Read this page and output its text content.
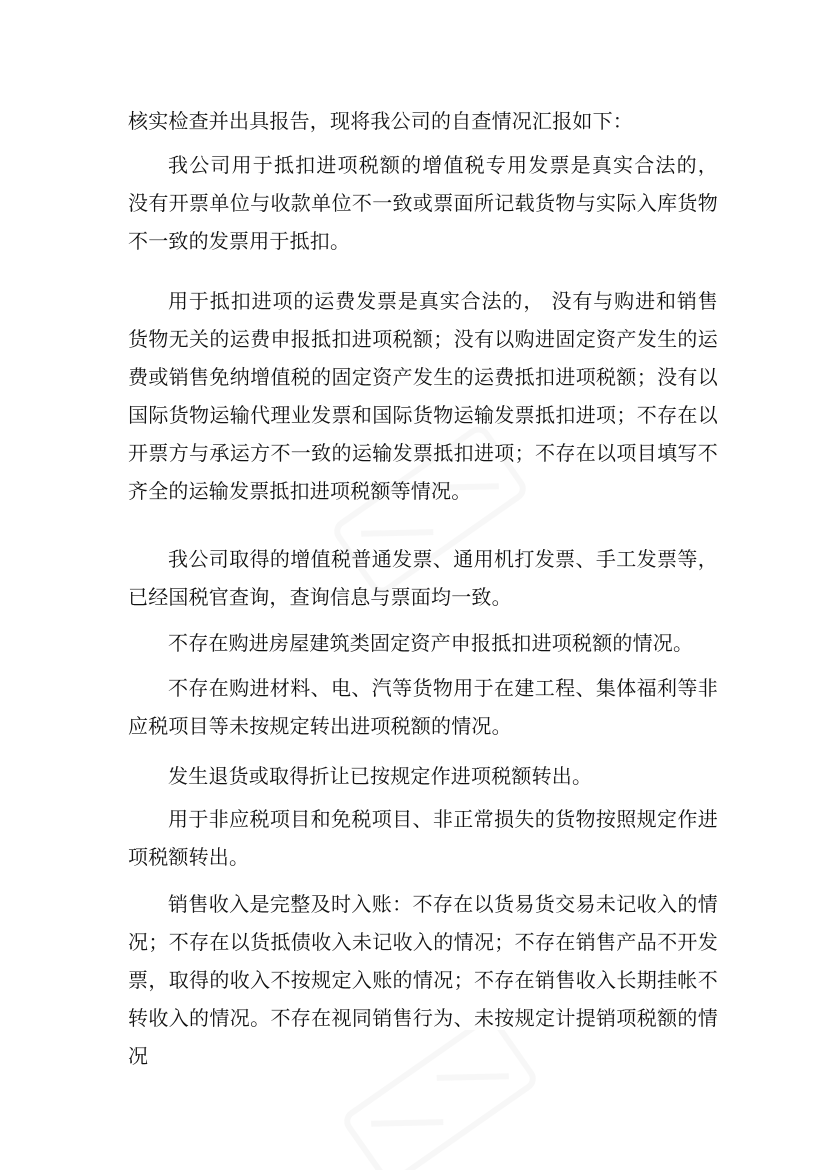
核实检查并出具报告，现将我公司的自查情况汇报如下：

我公司用于抵扣进项税额的增值税专用发票是真实合法的， 没有开票单位与收款单位不一致或票面所记载货物与实际入库货物不一致的发票用于抵扣。

用于抵扣进项的运费发票是真实合法的， 没有与购进和销售货物无关的运费申报抵扣进项税额；没有以购进固定资产发生的运费或销售免纳增值税的固定资产发生的运费抵扣进项税额；没有以国际货物运输代理业发票和国际货物运输发票抵扣进项；不存在以开票方与承运方不一致的运输发票抵扣进项；不存在以项目填写不齐全的运输发票抵扣进项税额等情况。

我公司取得的增值税普通发票、通用机打发票、手工发票等，已经国税官查询，查询信息与票面均一致。

不存在购进房屋建筑类固定资产申报抵扣进项税额的情况。

不存在购进材料、电、汽等货物用于在建工程、集体福利等非应税项目等未按规定转出进项税额的情况。

发生退货或取得折让已按规定作进项税额转出。

用于非应税项目和免税项目、非正常损失的货物按照规定作进项税额转出。

销售收入是完整及时入账：不存在以货易货交易未记收入的情况；不存在以货抵债收入未记收入的情况；不存在销售产品不开发票，取得的收入不按规定入账的情况；不存在销售收入长期挂帐不转收入的情况。不存在视同销售行为、未按规定计提销项税额的情况
